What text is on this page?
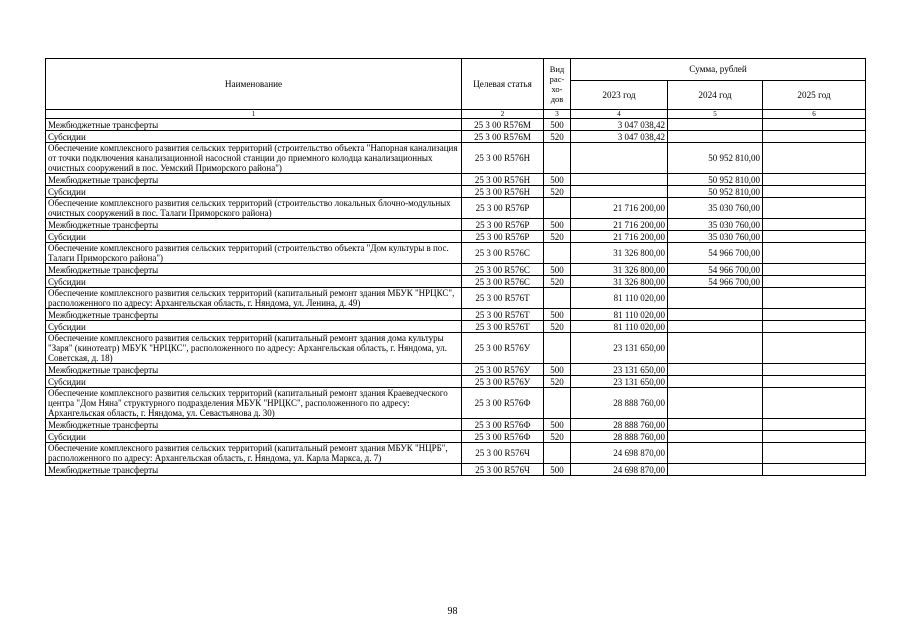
Наименование	Целевая статья	Вид рас-хо-дов	Сумма, рублей		
			2023 год	2024 год	2025 год
1	2	3	4	5	6
Межбюджетные трансферты	25 3 00 R576М	500	3 047 038,42		
Субсидии	25 3 00 R576М	520	3 047 038,42		
Обеспечение комплексного развития сельских территорий (строительство объекта "Напорная канализация от точки подключения канализационной насосной станции до приемного колодца канализационных очистных сооружений в пос. Уемский Приморского района")	25 3 00 R576Н			50 952 810,00	
Межбюджетные трансферты	25 3 00 R576Н	500		50 952 810,00	
Субсидии	25 3 00 R576Н	520		50 952 810,00	
Обеспечение комплексного развития сельских территорий (строительство локальных блочно-модульных очистных сооружений в пос. Талаги Приморского района)	25 3 00 R576Р		21 716 200,00	35 030 760,00	
Межбюджетные трансферты	25 3 00 R576Р	500	21 716 200,00	35 030 760,00	
Субсидии	25 3 00 R576Р	520	21 716 200,00	35 030 760,00	
Обеспечение комплексного развития сельских территорий (строительство объекта "Дом культуры в пос. Талаги Приморского района")	25 3 00 R576С		31 326 800,00	54 966 700,00	
Межбюджетные трансферты	25 3 00 R576С	500	31 326 800,00	54 966 700,00	
Субсидии	25 3 00 R576С	520	31 326 800,00	54 966 700,00	
Обеспечение комплексного развития сельских территорий (капитальный ремонт здания МБУК "НРЦКС", расположенного по адресу: Архангельская область, г. Няндома, ул. Ленина, д. 49)	25 3 00 R576Т		81 110 020,00		
Межбюджетные трансферты	25 3 00 R576Т	500	81 110 020,00		
Субсидии	25 3 00 R576Т	520	81 110 020,00		
Обеспечение комплексного развития сельских территорий (капитальный ремонт здания дома культуры "Заря" (кинотеатр) МБУК "НРЦКС", расположенного по адресу: Архангельская область, г. Няндома, ул. Советская, д. 18)	25 3 00 R576У		23 131 650,00		
Межбюджетные трансферты	25 3 00 R576У	500	23 131 650,00		
Субсидии	25 3 00 R576У	520	23 131 650,00		
Обеспечение комплексного развития сельских территорий (капитальный ремонт здания Краеведческого центра "Дом Няна" структурного подразделения МБУК "НРЦКС", расположенного по адресу: Архангельская область, г. Няндома, ул. Севастьянова д. 30)	25 3 00 R576Ф		28 888 760,00		
Межбюджетные трансферты	25 3 00 R576Ф	500	28 888 760,00		
Субсидии	25 3 00 R576Ф	520	28 888 760,00		
Обеспечение комплексного развития сельских территорий (капитальный ремонт здания МБУК "НЦРБ", расположенного по адресу: Архангельская область, г. Няндома, ул. Карла Маркса, д. 7)	25 3 00 R576Ч		24 698 870,00		
Межбюджетные трансферты	25 3 00 R576Ч	500	24 698 870,00		
98
